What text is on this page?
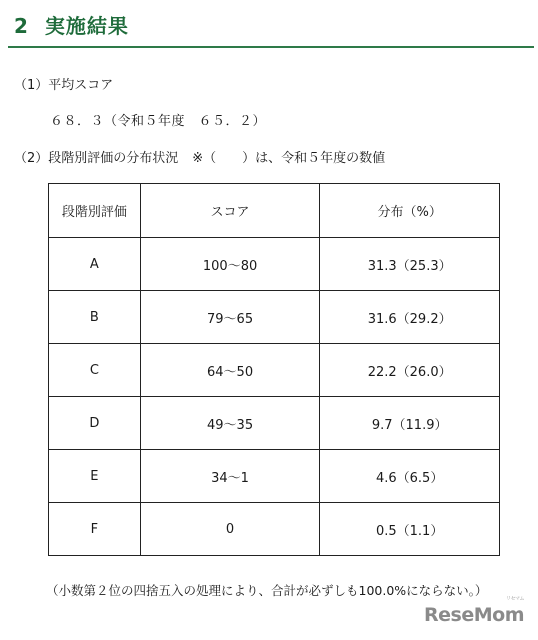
2 実施結果
（1）平均スコア
６８．３（令和５年度　６５．２）
（2）段階別評価の分布状況 ※（　　）は、令和５年度の数値
段階別評価	スコア	分布（%）
A	100〜80	31.3（25.3）
B	79〜65	31.6（29.2）
C	64〜50	22.2（26.0）
D	49〜35	9.7（11.9）
E	34〜1	4.6（6.5）
F	0	0.5（1.1）
（小数第２位の四捨五入の処理により、合計が必ずしも100.0%にならない。）
ReseMom
リセマム
